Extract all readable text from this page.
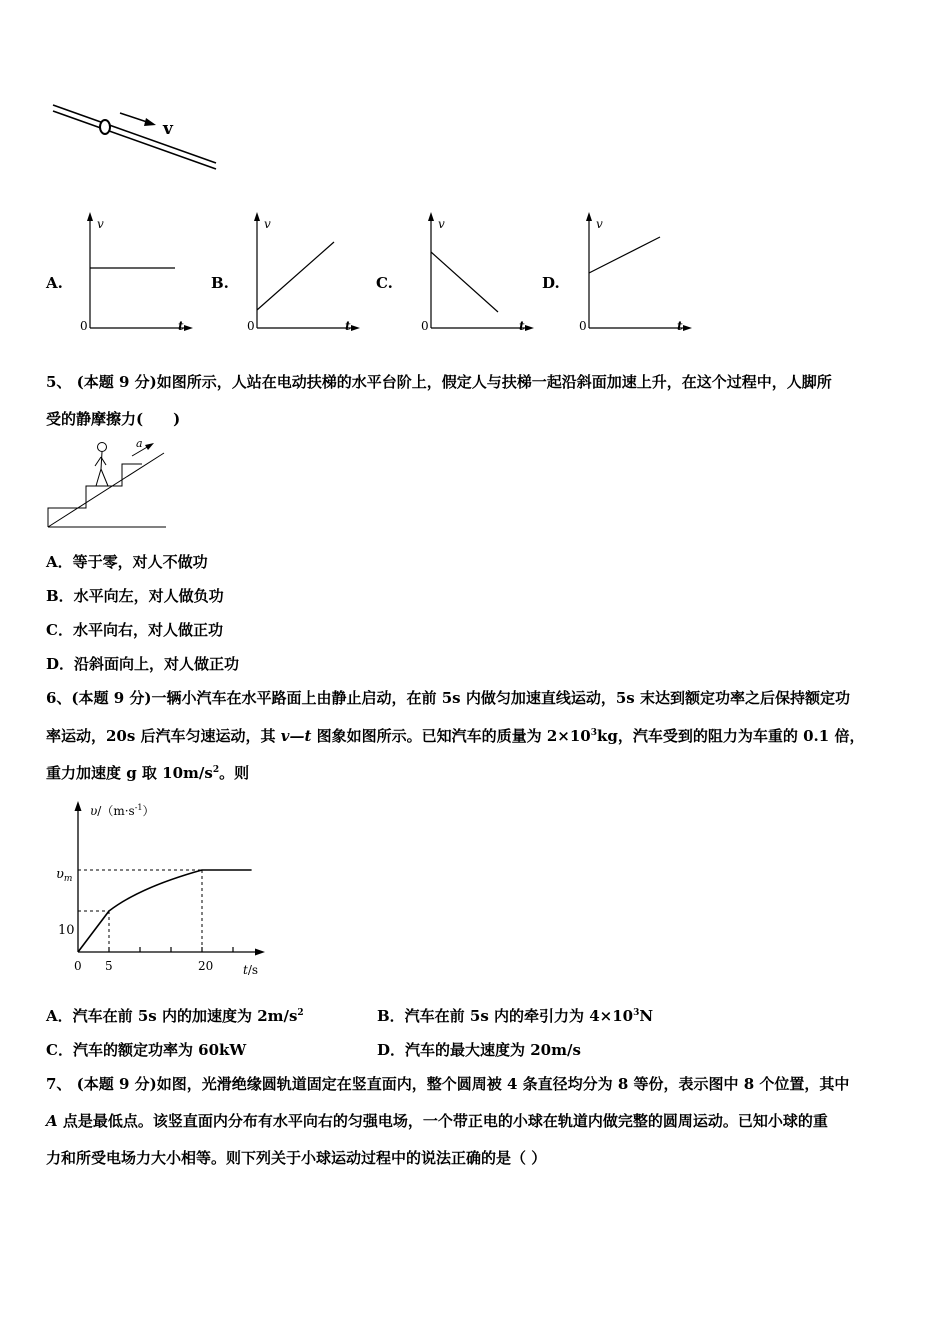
v
A.
v
0	t
B.
v
0	t
C.
v
0	t
D.
v
0	t
5、 (本题 9 分)如图所示，人站在电动扶梯的水平台阶上，假定人与扶梯一起沿斜面加速上升，在这个过程中，人脚所
受的静摩擦力(　　)
a
A．等于零，对人不做功
B．水平向左，对人做负功
C．水平向右，对人做正功
D．沿斜面向上，对人做正功
6、(本题 9 分)一辆小汽车在水平路面上由静止启动，在前 5s 内做匀加速直线运动，5s 末达到额定功率之后保持额定功
率运动，20s 后汽车匀速运动，其 v—t 图象如图所示。已知汽车的质量为 $2\times 10^3kg$，汽车受到的阻力为车重的 0.1 倍，
重力加速度 g 取 $10m/s^2$。则
$\upsilon/(m\cdot s^{-1})$
$\upsilon_m$
10
0 5	20 t/s
A．汽车在前 5s 内的加速度为 $2m/s^2$	B．汽车在前 5s 内的牵引力为 $4\times 10^3N$
C．汽车的额定功率为 60kW	D．汽车的最大速度为 20m/s
7、 (本题 9 分)如图，光滑绝缘圆轨道固定在竖直面内，整个圆周被 4 条直径均分为 8 等份，表示图中 8 个位置，其中
A 点是最低点。该竖直面内分布有水平向右的匀强电场，一个带正电的小球在轨道内做完整的圆周运动。已知小球的重
力和所受电场力大小相等。则下列关于小球运动过程中的说法正确的是（ ）
